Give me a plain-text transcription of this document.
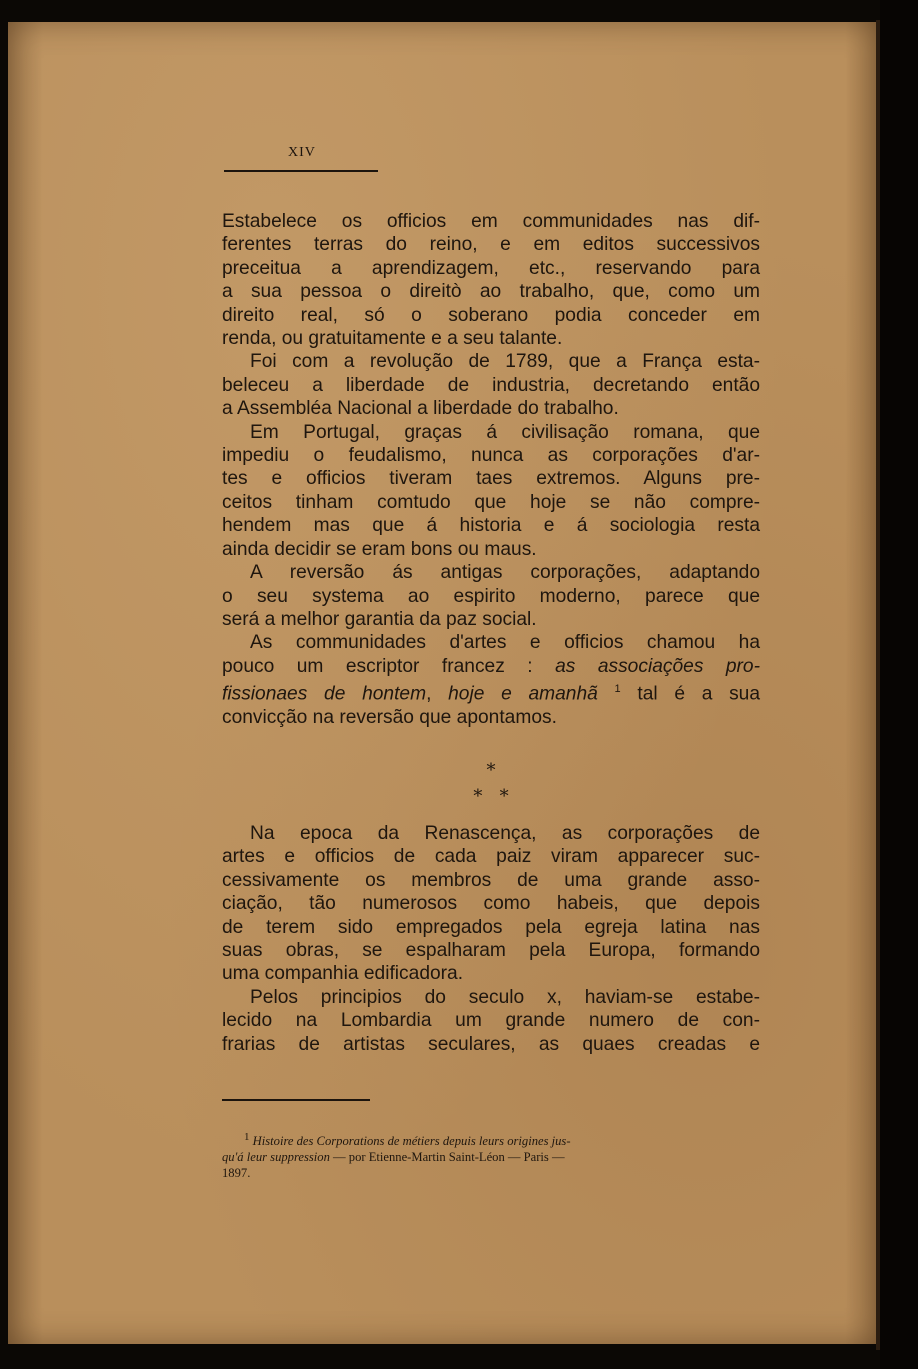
XIV

Estabelece os officios em communidades nas dif-
ferentes terras do reino, e em editos successivos
preceitua a aprendizagem, etc., reservando para
a sua pessoa o direitò ao trabalho, que, como um
direito real, só o soberano podia conceder em
renda, ou gratuitamente e a seu talante.

Foi com a revolução de 1789, que a França esta-

beleceu a liberdade de industria, decretando então
a Assembléa Nacional a liberdade do trabalho.

Em Portugal, graças á civilisação romana, que

impediu o feudalismo, nunca as corporações d'ar-
tes e officios tiveram taes extremos. Alguns pre-
ceitos tinham comtudo que hoje se não compre-
hendem mas que á historia e á sociologia resta
ainda decidir se eram bons ou maus.

A reversão ás antigas corporações, adaptando

o seu systema ao espirito moderno, parece que
será a melhor garantia da paz social.

As communidades d'artes e officios chamou ha

pouco um escriptor francez : as associações pro-
fissionaes de hontem, hoje e amanhã $^1$ tal é a sua
convicção na reversão que apontamos.

*
*   *

Na epoca da Renascença, as corporações de

artes e officios de cada paiz viram apparecer suc-
cessivamente os membros de uma grande asso-
ciação, tão numerosos como habeis, que depois
de terem sido empregados pela egreja latina nas
suas obras, se espalharam pela Europa, formando
uma companhia edificadora.

Pelos principios do seculo x, haviam-se estabe-

lecido na Lombardia um grande numero de con-
frarias de artistas seculares, as quaes creadas e

$^1$ Histoire des Corporations de métiers depuis leurs origines jus-
qu'á leur suppression — por Etienne-Martin Saint-Léon — Paris —
1897.
